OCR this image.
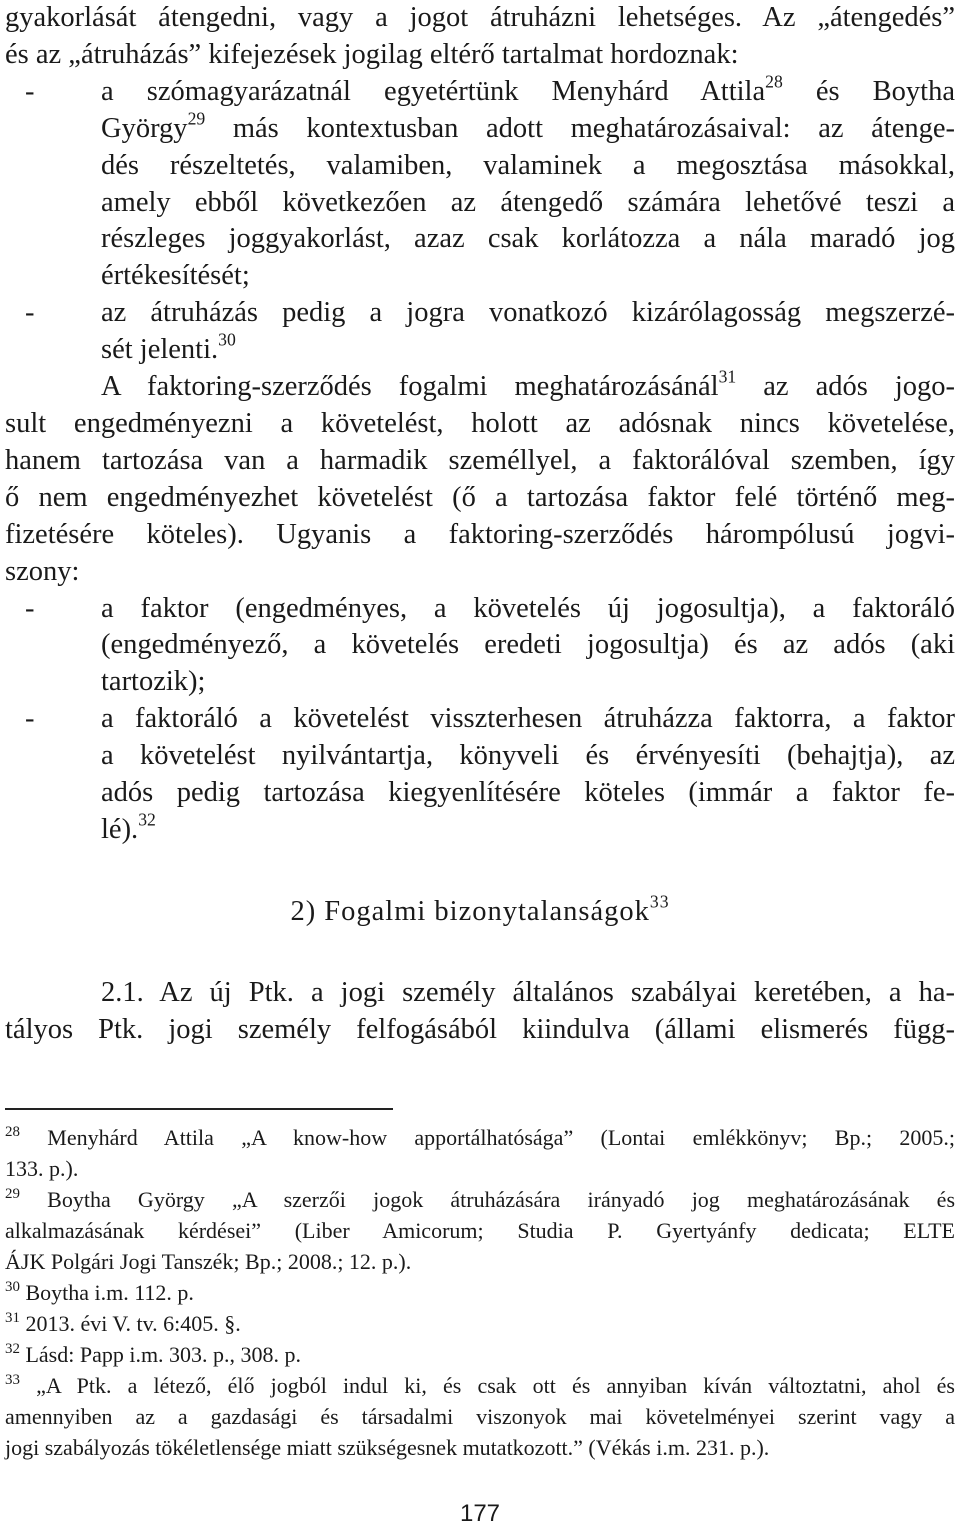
gyakorlását átengedni, vagy a jogot átruházni lehetséges. Az „átengedés”
és az „átruházás” kifejezések jogilag eltérő tartalmat hordoznak:
- a szómagyarázatnál egyetértünk Menyhárd Attila$^{28}$ és Boytha
György$^{29}$ más kontextusban adott meghatározásaival: az átenge-
dés részeltetés, valamiben, valaminek a megosztása másokkal,
amely ebből következően az átengedő számára lehetővé teszi a
részleges joggyakorlást, azaz csak korlátozza a nála maradó jog
értékesítését;
- az átruházás pedig a jogra vonatkozó kizárólagosság megszerzé-
sét jelenti.$^{30}$
A faktoring-szerződés fogalmi meghatározásánál$^{31}$ az adós jogo-
sult engedményezni a követelést, holott az adósnak nincs követelése,
hanem tartozása van a harmadik személlyel, a faktorálóval szemben, így
ő nem engedményezhet követelést (ő a tartozása faktor felé történő meg-
fizetésére köteles). Ugyanis a faktoring-szerződés hárompólusú jogvi-
szony:
- a faktor (engedményes, a követelés új jogosultja), a faktoráló
(engedményező, a követelés eredeti jogosultja) és az adós (aki
tartozik);
- a faktoráló a követelést visszterhesen átruházza faktorra, a faktor
a követelést nyilvántartja, könyveli és érvényesíti (behajtja), az
adós pedig tartozása kiegyenlítésére köteles (immár a faktor fe-
lé).$^{32}$
2) Fogalmi bizonytalanságok$^{33}$
2.1. Az új Ptk. a jogi személy általános szabályai keretében, a ha-
tályos Ptk. jogi személy felfogásából kiindulva (állami elismerés függ-
$^{28}$ Menyhárd Attila „A know-how apportálhatósága” (Lontai emlékkönyv; Bp.; 2005.;
133. p.).
$^{29}$ Boytha György „A szerzői jogok átruházására irányadó jog meghatározásának és
alkalmazásának kérdései” (Liber Amicorum; Studia P. Gyertyánfy dedicata; ELTE
ÁJK Polgári Jogi Tanszék; Bp.; 2008.; 12. p.).
$^{30}$ Boytha i.m. 112. p.
$^{31}$ 2013. évi V. tv. 6:405. §.
$^{32}$ Lásd: Papp i.m. 303. p., 308. p.
$^{33}$ „A Ptk. a létező, élő jogból indul ki, és csak ott és annyiban kíván változtatni, ahol és
amennyiben az a gazdasági és társadalmi viszonyok mai követelményei szerint vagy a
jogi szabályozás tökéletlensége miatt szükségesnek mutatkozott.” (Vékás i.m. 231. p.).
177
